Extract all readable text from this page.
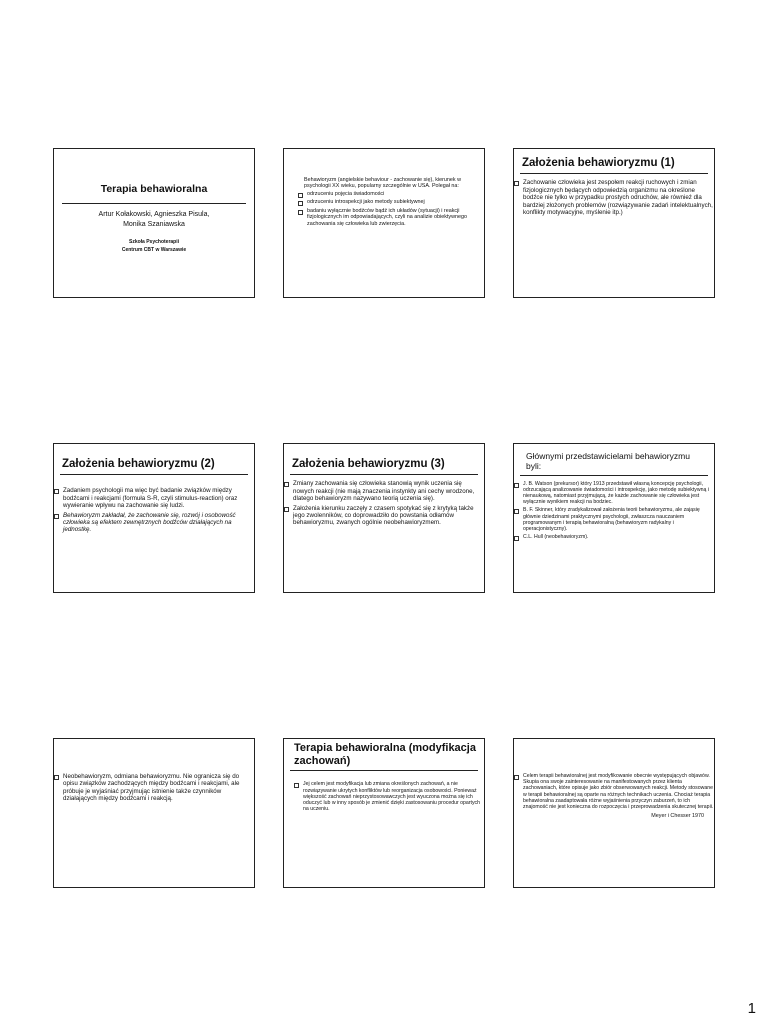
Terapia behawioralna
Artur Kołakowski, Agnieszka Pisula,
Monika Szaniawska
Szkoła Psychoterapii
Centrum CBT w Warszawie
Behawioryzm (angielskie behaviour - zachowanie się), kierunek w psychologii XX wieku, popularny szczególnie w USA. Polegał na:
odrzuceniu pojęcia świadomości
odrzuceniu introspekcji jako metody subiektywnej
badaniu wyłącznie bodźców bądź ich układów (sytuacji) i reakcji fizjologicznych im odpowiadających, czyli na analizie obiektywnego zachowania się człowieka lub zwierzęcia.
Założenia behawioryzmu (1)
Zachowanie człowieka jest zespołem reakcji ruchowych i zmian fizjologicznych będących odpowiedzią organizmu na określone bodźce nie tylko w przypadku prostych odruchów, ale również dla bardziej złożonych problemów (rozwiązywanie zadań intelektualnych, konflikty motywacyjne, myślenie itp.)
Założenia behawioryzmu (2)
Zadaniem psychologii ma więc być badanie związków między bodźcami i reakcjami (formuła S-R, czyli stimulus-reaction) oraz wywieranie wpływu na zachowanie się ludzi.
Behawioryzm zakładał, że zachowanie się, rozwój i osobowość człowieka są efektem zewnętrznych bodźców działających na jednostkę.
Założenia behawioryzmu (3)
Zmiany zachowania się człowieka stanowią wynik uczenia się nowych reakcji (nie mają znaczenia instynkty ani cechy wrodzone, dlatego behawioryzm nazywano teorią uczenia się).
Założenia kierunku zaczęły z czasem spotykać się z krytyką także jego zwolenników, co doprowadziło do powstania odłamów behawioryzmu, zwanych ogólnie neobehawioryzmem.
Głównymi przedstawicielami behawioryzmu byli:
J. B. Watson (prekursor) który 1913 przedstawił własną koncepcję psychologii, odrzucającą analizowanie świadomości i introspekcję, jako metodę subiektywną i nienaukową, natomiast przyjmującą, że każde zachowanie się człowieka jest wyłącznie wynikiem reakcji na bodziec.
B. F. Skinner, który zradykalizował założenia teorii behawioryzmu, ale zająsię głównie dziedzinami praktycznymi psychologii, zwłaszcza nauczaniem programowanym i terapią behawioralną (behawioryzm radykalny i operacjonistyczny).
C.L. Hull (neobehawioryzm).
Neobehawioryzm, odmiana behawioryzmu. Nie ogranicza się do opisu związków zachodzących między bodźcami i reakcjami, ale próbuje je wyjaśniać przyjmując istnienie także czynników działających między bodźcami i reakcją.
Terapia behawioralna (modyfikacja zachowań)
Jej celem jest modyfikacja lub zmiana określonych zachowań, a nie rozwiązywanie ukrytych konfliktów lub reorganizacja osobowości. Ponieważ większość zachowań nieprzystosowawczych jest wyuczona można się ich oduczyć lub w inny sposób je zmienić dzięki zastosowaniu procedur opartych na uczeniu.
Celem terapii behawioralnej jest modyfikowanie obecnie występujących objawów. Skupia ona swoje zainteresowanie na manifestowanych przez klienta zachowaniach, które opisuje jako zbiór obserwowanych reakcji. Metody stosowane w terapii behawioralnej są oparte na różnych technikach uczenia. Chociaż terapia behawioralna zaadaptowała różne wyjaśnienia przyczyn zaburzeń, to ich znajomość nie jest konieczna do rozpoczęcia i przeprowadzenia skutecznej terapii.
Meyer i Chesser 1970
1
